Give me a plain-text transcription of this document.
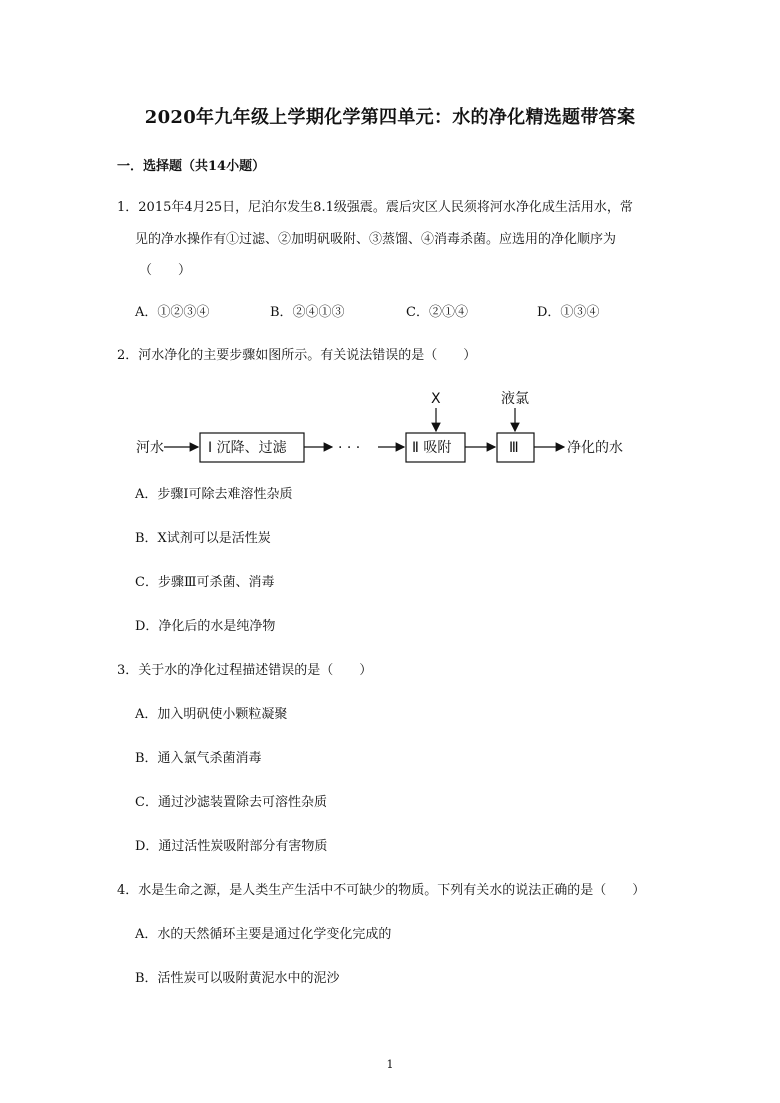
2020年九年级上学期化学第四单元：水的净化精选题带答案
一．选择题（共14小题）
1．2015年4月25日，尼泊尔发生8.1级强震。震后灾区人民须将河水净化成生活用水，常
见的净水操作有①过滤、②加明矾吸附、③蒸馏、④消毒杀菌。应选用的净化顺序为
（　　）
A．①②③④	B．②④①③	C．②①④	D．①③④
2．河水净化的主要步骤如图所示。有关说法错误的是（　　）
河水	Ⅰ 沉降、过滤	· · ·	Ⅱ 吸附	Ⅲ	净化的水
X	液氯
A．步骤Ⅰ可除去难溶性杂质
B．X试剂可以是活性炭
C．步骤Ⅲ可杀菌、消毒
D．净化后的水是纯净物
3．关于水的净化过程描述错误的是（　　）
A．加入明矾使小颗粒凝聚
B．通入氯气杀菌消毒
C．通过沙滤装置除去可溶性杂质
D．通过活性炭吸附部分有害物质
4．水是生命之源，是人类生产生活中不可缺少的物质。下列有关水的说法正确的是（　　）
A．水的天然循环主要是通过化学变化完成的
B．活性炭可以吸附黄泥水中的泥沙
1
